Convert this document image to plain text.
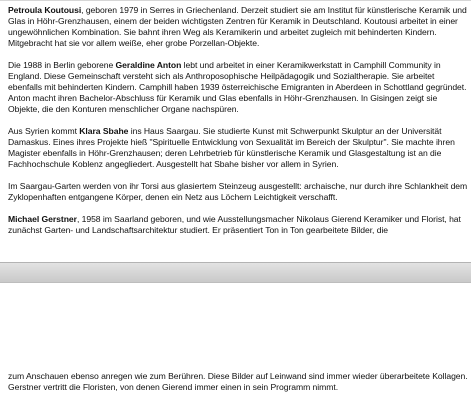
Petroula Koutousi, geboren 1979 in Serres in Griechenland. Derzeit studiert sie am Institut für künstlerische Keramik und Glas in Höhr-Grenzhausen, einem der beiden wichtigsten Zentren für Keramik in Deutschland. Koutousi arbeitet in einer ungewöhnlichen Kombination. Sie bahnt ihren Weg als Keramikerin und arbeitet zugleich mit behinderten Kindern. Mitgebracht hat sie vor allem weiße, eher grobe Porzellan-Objekte.

Die 1988 in Berlin geborene Geraldine Anton lebt und arbeitet in einer Keramikwerkstatt in Camphill Community in England. Diese Gemeinschaft versteht sich als Anthroposophische Heilpädagogik und Sozialtherapie. Sie arbeitet ebenfalls mit behinderten Kindern. Camphill haben 1939 österreichische Emigranten in Aberdeen in Schottland gegründet. Anton macht ihren Bachelor-Abschluss für Keramik und Glas ebenfalls in Höhr-Grenzhausen. In Gisingen zeigt sie Objekte, die den Konturen menschlicher Organe nachspüren.

Aus Syrien kommt Klara Sbahe ins Haus Saargau. Sie studierte Kunst mit Schwerpunkt Skulptur an der Universität Damaskus. Eines ihres Projekte hieß "Spirituelle Entwicklung von Sexualität im Bereich der Skulptur". Sie machte ihren Magister ebenfalls in Höhr-Grenzhausen; deren Lehrbetrieb für künstlerische Keramik und Glasgestaltung ist an die Fachhochschule Koblenz angegliedert. Ausgestellt hat Sbahe bisher vor allem in Syrien.

Im Saargau-Garten werden von ihr Torsi aus glasiertem Steinzeug ausgestellt: archaische, nur durch ihre Schlankheit dem Zyklopenhaften entgangene Körper, denen ein Netz aus Löchern Leichtigkeit verschafft.

Michael Gerstner, 1958 im Saarland geboren, und wie Ausstellungsmacher Nikolaus Gierend Keramiker und Florist, hat zunächst Garten- und Landschaftsarchitektur studiert. Er präsentiert Ton in Ton gearbeitete Bilder, die

zum Anschauen ebenso anregen wie zum Berühren. Diese Bilder auf Leinwand sind immer wieder überarbeitete Kollagen. Gerstner vertritt die Floristen, von denen Gierend immer einen in sein Programm nimmt.
